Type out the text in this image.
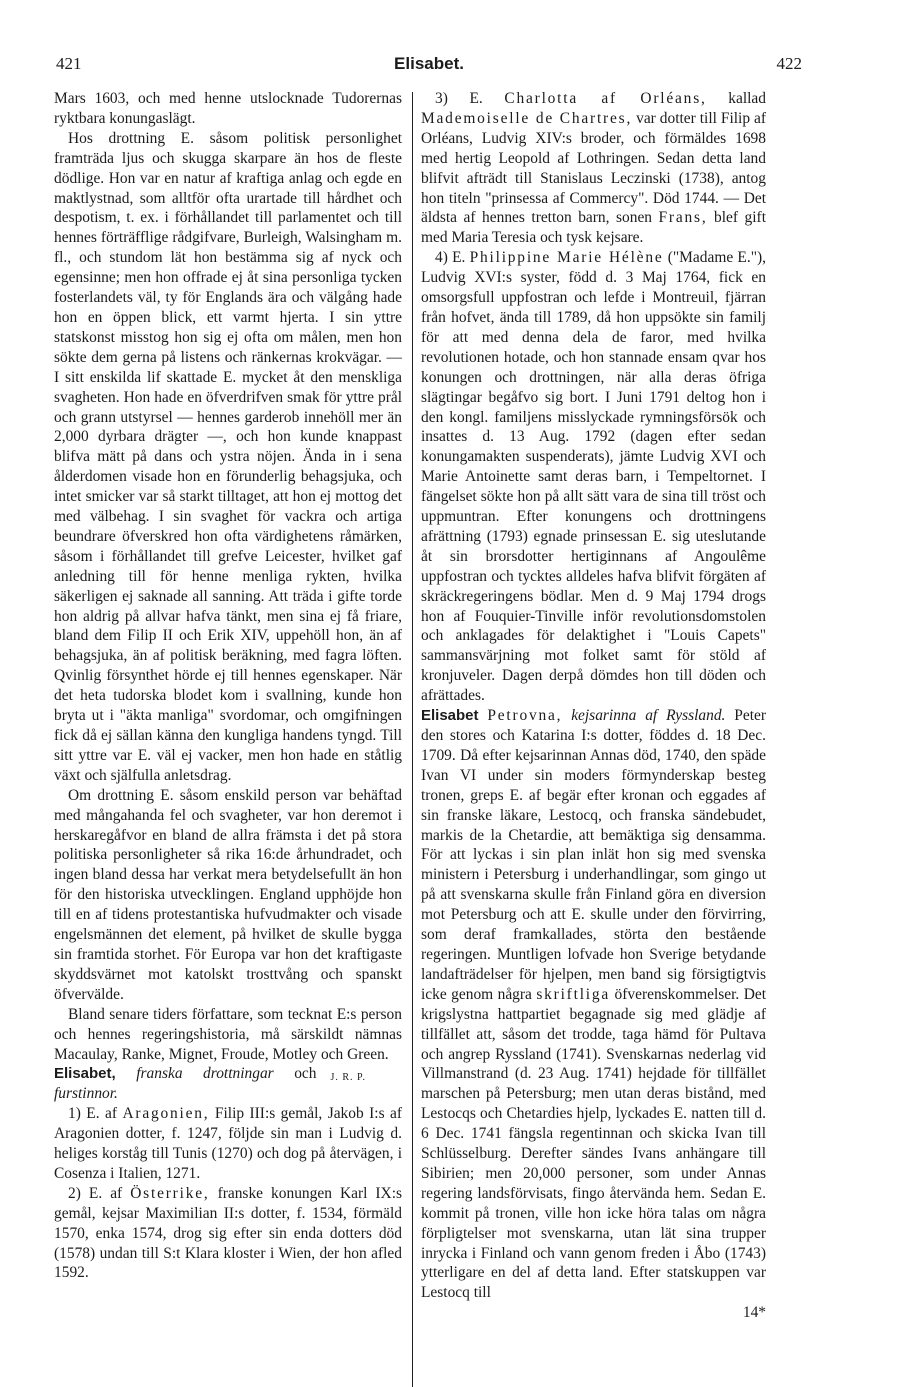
421	Elisabet.	422

Mars 1603, och med henne utslocknade Tudorernas ryktbara konungaslägt.

Hos drottning E. såsom politisk personlighet framträda ljus och skugga skarpare än hos de fleste dödlige. Hon var en natur af kraftiga anlag och egde en maktlystnad, som alltför ofta urartade till hårdhet och despotism, t. ex. i förhållandet till parlamentet och till hennes förträfflige rådgifvare, Burleigh, Walsingham m. fl., och stundom lät hon bestämma sig af nyck och egensinne; men hon offrade ej åt sina personliga tycken fosterlandets väl, ty för Englands ära och välgång hade hon en öppen blick, ett varmt hjerta. I sin yttre statskonst misstog hon sig ej ofta om målen, men hon sökte dem gerna på listens och ränkernas krokvägar. — I sitt enskilda lif skattade E. mycket åt den menskliga svagheten. Hon hade en öfverdrifven smak för yttre prål och grann utstyrsel — hennes garderob innehöll mer än 2,000 dyrbara drägter —, och hon kunde knappast blifva mätt på dans och ystra nöjen. Ända in i sena ålderdomen visade hon en förunderlig behagsjuka, och intet smicker var så starkt tilltaget, att hon ej mottog det med välbehag. I sin svaghet för vackra och artiga beundrare öfverskred hon ofta värdighetens råmärken, såsom i förhållandet till grefve Leicester, hvilket gaf anledning till för henne menliga rykten, hvilka säkerligen ej saknade all sanning. Att träda i gifte torde hon aldrig på allvar hafva tänkt, men sina ej få friare, bland dem Filip II och Erik XIV, uppehöll hon, än af behagsjuka, än af politisk beräkning, med fagra löften. Qvinlig försynthet hörde ej till hennes egenskaper. När det heta tudorska blodet kom i svallning, kunde hon bryta ut i "äkta manliga" svordomar, och omgifningen fick då ej sällan känna den kungliga handens tyngd. Till sitt yttre var E. väl ej vacker, men hon hade en ståtlig växt och själfulla anletsdrag.

Om drottning E. såsom enskild person var behäftad med mångahanda fel och svagheter, var hon deremot i herskaregåfvor en bland de allra främsta i det på stora politiska personligheter så rika 16:de århundradet, och ingen bland dessa har verkat mera betydelsefullt än hon för den historiska utvecklingen. England upphöjde hon till en af tidens protestantiska hufvudmakter och visade engelsmännen det element, på hvilket de skulle bygga sin framtida storhet. För Europa var hon det kraftigaste skyddsvärnet mot katolskt trosttvång och spanskt öfvervälde.

Bland senare tiders författare, som tecknat E:s person och hennes regeringshistoria, må särskildt nämnas Macaulay, Ranke, Mignet, Froude, Motley och Green.
J. R. P.

Elisabet, franska drottningar och furstinnor.

1) E. af Aragonien, Filip III:s gemål, Jakob I:s af Aragonien dotter, f. 1247, följde sin man i Ludvig d. heliges korståg till Tunis (1270) och dog på återvägen, i Cosenza i Italien, 1271.

2) E. af Österrike, franske konungen Karl IX:s gemål, kejsar Maximilian II:s dotter, f. 1534, förmäld 1570, enka 1574, drog sig efter sin enda dotters död (1578) undan till S:t Klara kloster i Wien, der hon afled 1592.

3) E. Charlotta af Orléans, kallad Mademoiselle de Chartres, var dotter till Filip af Orléans, Ludvig XIV:s broder, och förmäldes 1698 med hertig Leopold af Lothringen. Sedan detta land blifvit afträdt till Stanislaus Leczinski (1738), antog hon titeln "prinsessa af Commercy". Död 1744. — Det äldsta af hennes tretton barn, sonen Frans, blef gift med Maria Teresia och tysk kejsare.

4) E. Philippine Marie Hélène ("Madame E."), Ludvig XVI:s syster, född d. 3 Maj 1764, fick en omsorgsfull uppfostran och lefde i Montreuil, fjärran från hofvet, ända till 1789, då hon uppsökte sin familj för att med denna dela de faror, med hvilka revolutionen hotade, och hon stannade ensam qvar hos konungen och drottningen, när alla deras öfriga slägtingar begåfvo sig bort. I Juni 1791 deltog hon i den kongl. familjens misslyckade rymningsförsök och insattes d. 13 Aug. 1792 (dagen efter sedan konungamakten suspenderats), jämte Ludvig XVI och Marie Antoinette samt deras barn, i Tempeltornet. I fängelset sökte hon på allt sätt vara de sina till tröst och uppmuntran. Efter konungens och drottningens afrättning (1793) egnade prinsessan E. sig uteslutande åt sin brorsdotter hertiginnans af Angoulême uppfostran och tycktes alldeles hafva blifvit förgäten af skräckregeringens bödlar. Men d. 9 Maj 1794 drogs hon af Fouquier-Tinville inför revolutionsdomstolen och anklagades för delaktighet i "Louis Capets" sammansvärjning mot folket samt för stöld af kronjuveler. Dagen derpå dömdes hon till döden och afrättades.

Elisabet Petrovna, kejsarinna af Ryssland. Peter den stores och Katarina I:s dotter, föddes d. 18 Dec. 1709. Då efter kejsarinnan Annas död, 1740, den spädе Ivan VI under sin moders förmynderskap besteg tronen, greps E. af begär efter kronan och eggades af sin franske läkare, Lestocq, och franska sändebudet, markis de la Chetardie, att bemäktiga sig densamma. För att lyckas i sin plan inlät hon sig med svenska ministern i Petersburg i underhandlingar, som gingo ut på att svenskarna skulle från Finland göra en diversion mot Petersburg och att E. skulle under den förvirring, som deraf framkallades, störta den bestående regeringen. Muntligen lofvade hon Sverige betydande landafträdelser för hjelpen, men band sig försigtigtvis icke genom några skriftliga öfverenskommelser. Det krigslystna hattpartiet begagnade sig med glädje af tillfället att, såsom det trodde, taga hämd för Pultava och angrep Ryssland (1741). Svenskarnas nederlag vid Villmanstrand (d. 23 Aug. 1741) hejdade för tillfället marschen på Petersburg; men utan deras bistånd, med Lestocqs och Chetardies hjelp, lyckades E. natten till d. 6 Dec. 1741 fängsla regentinnan och skicka Ivan till Schlüsselburg. Derefter sändes Ivans anhängare till Sibirien; men 20,000 personer, som under Annas regering landsförvisats, fingo återvända hem. Sedan E. kommit på tronen, ville hon icke höra talas om några förpligtelser mot svenskarna, utan lät sina trupper inrycka i Finland och vann genom freden i Åbo (1743) ytterligare en del af detta land. Efter statskuppen var Lestocq till

14*
